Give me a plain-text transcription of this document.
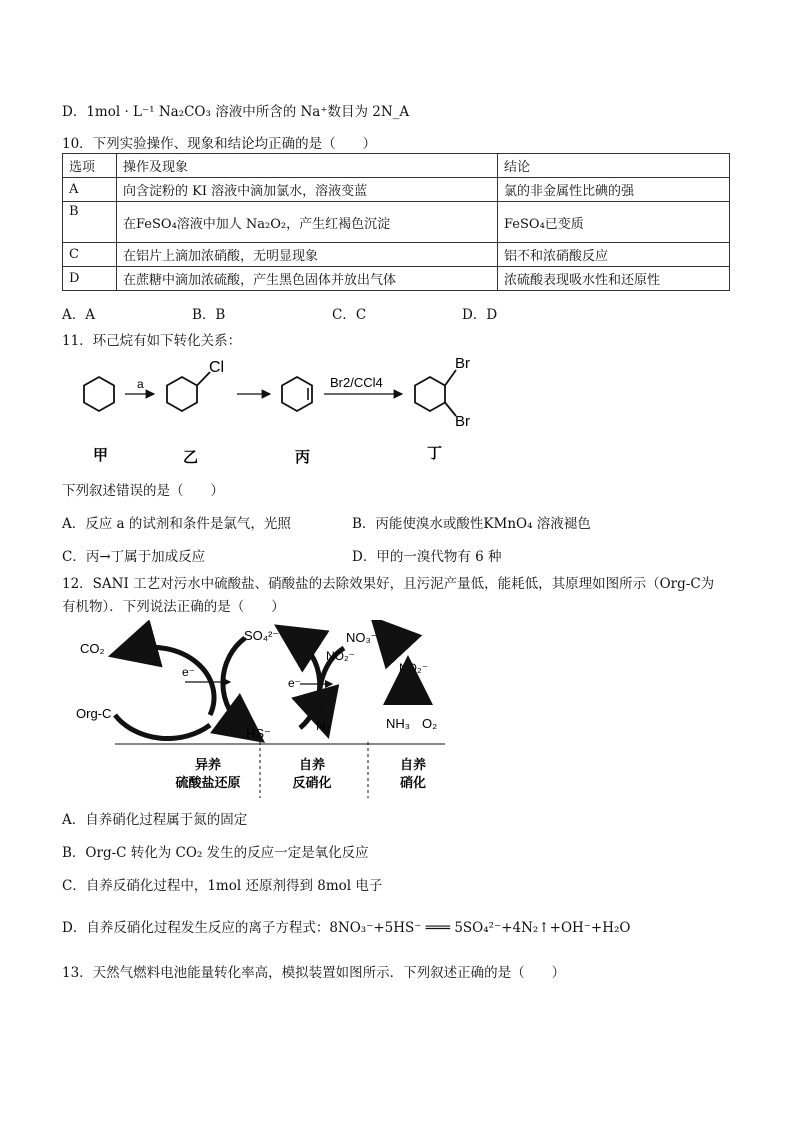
D．1mol · L⁻¹ Na₂CO₃ 溶液中所含的 Na⁺数目为 2N_A
10．下列实验操作、现象和结论均正确的是（　　）
选项	操作及现象	结论
A	向含淀粉的 KI 溶液中滴加氯水，溶液变蓝	氯的非金属性比碘的强
B	在FeSO₄溶液中加人 Na₂O₂，产生红褐色沉淀	FeSO₄已变质
C	在铝片上滴加浓硝酸，无明显现象	铝不和浓硝酸反应
D	在蔗糖中滴加浓硫酸，产生黑色固体并放出气体	浓硫酸表现吸水性和还原性
A．A	B．B	C．C	D．D
11．环己烷有如下转化关系：
a
Cl
Br2/CCl4
Br
Br
甲	乙	丙	丁
下列叙述错误的是（　　）
A．反应 a 的试剂和条件是氯气，光照	B．丙能使溴水或酸性KMnO₄ 溶液褪色
C．丙→丁属于加成反应	D．甲的一溴代物有 6 种
12．SANI 工艺对污水中硫酸盐、硝酸盐的去除效果好，且污泥产量低，能耗低，其原理如图所示（Org-C为
有机物）．下列说法正确的是（　　）
CO₂
Org-C
SO₄²⁻
HS⁻
e⁻
e⁻
NO₃⁻
NO₂⁻
N₂
NO₂⁻
NH₃ O₂
异养
硫酸盐还原
自养
反硝化
自养
硝化
A．自养硝化过程属于氮的固定
B．Org-C 转化为 CO₂ 发生的反应一定是氧化反应
C．自养反硝化过程中，1mol 还原剂得到 8mol 电子
D．自养反硝化过程发生反应的离子方程式：8NO₃⁻+5HS⁻ ═══ 5SO₄²⁻+4N₂↑+OH⁻+H₂O
13．天然气燃料电池能量转化率高，模拟装置如图所示．下列叙述正确的是（　　）
